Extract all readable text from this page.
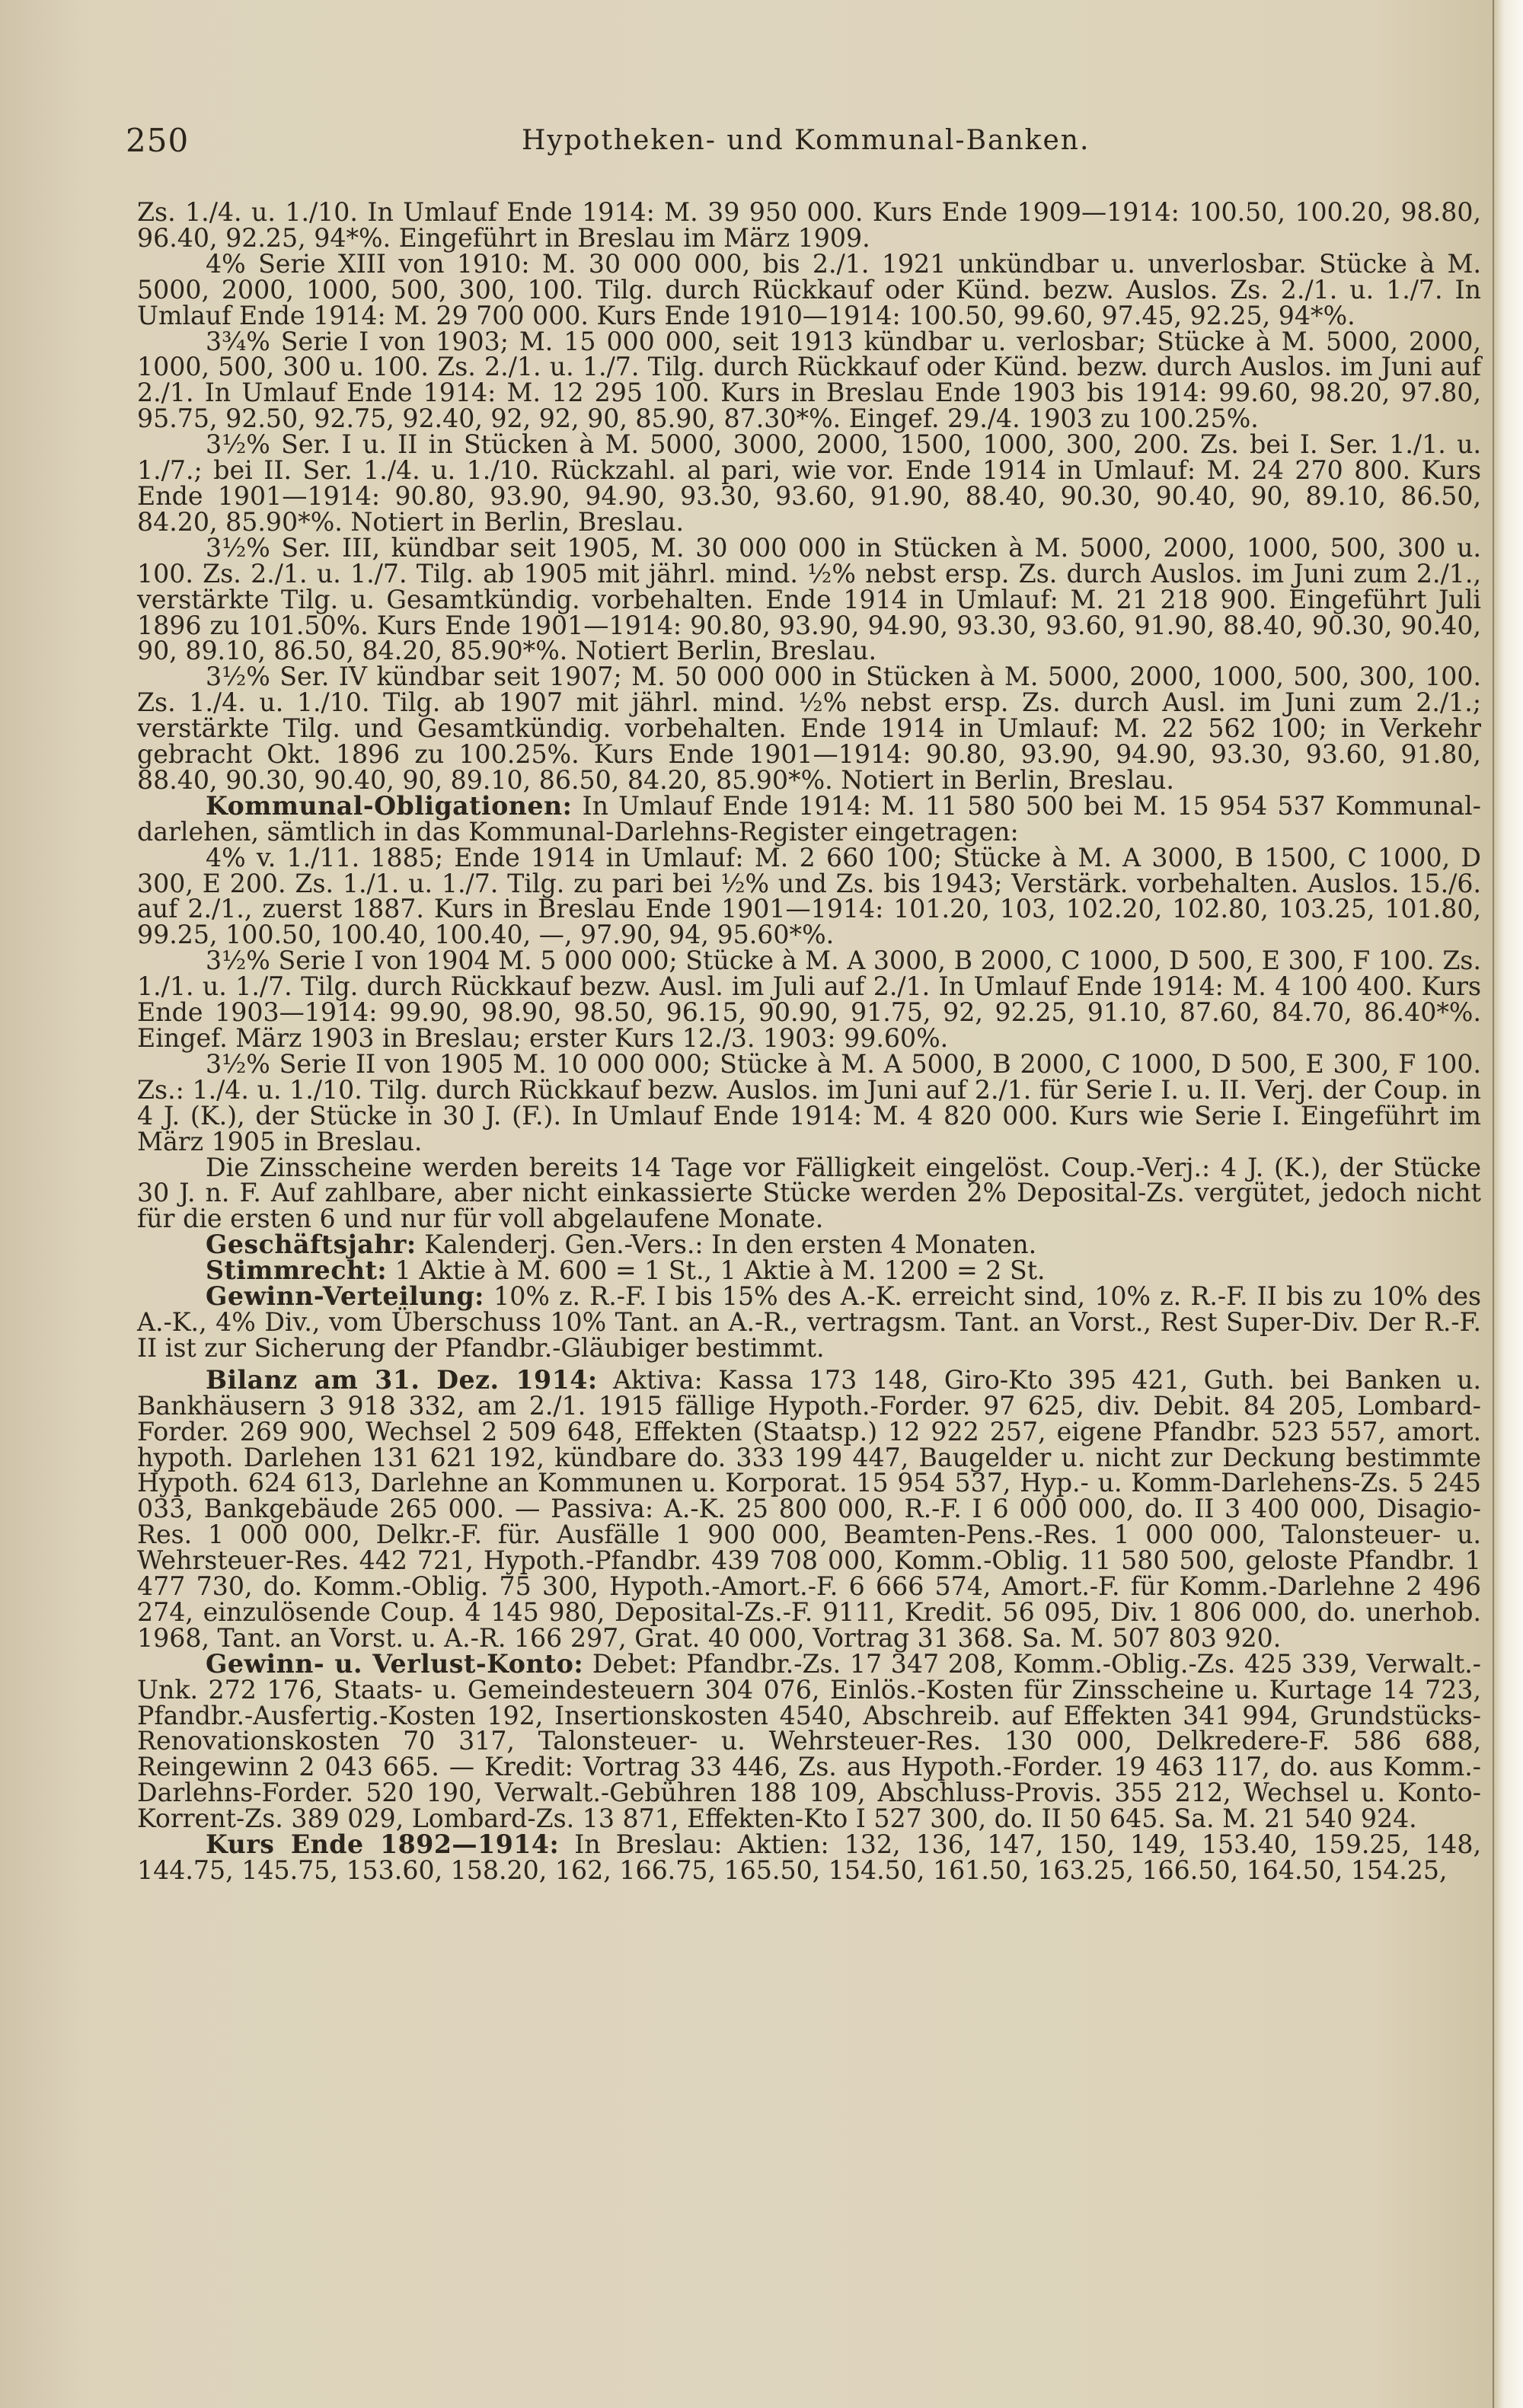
250	Hypotheken- und Kommunal-Banken.

Zs. 1./4. u. 1./10. In Umlauf Ende 1914: M. 39 950 000. Kurs Ende 1909—1914: 100.50, 100.20, 98.80, 96.40, 92.25, 94*%. Eingeführt in Breslau im März 1909.

4% Serie XIII von 1910: M. 30 000 000, bis 2./1. 1921 unkündbar u. unverlosbar. Stücke à M. 5000, 2000, 1000, 500, 300, 100. Tilg. durch Rückkauf oder Künd. bezw. Auslos. Zs. 2./1. u. 1./7. In Umlauf Ende 1914: M. 29 700 000. Kurs Ende 1910—1914: 100.50, 99.60, 97.45, 92.25, 94*%.

3¾% Serie I von 1903; M. 15 000 000, seit 1913 kündbar u. verlosbar; Stücke à M. 5000, 2000, 1000, 500, 300 u. 100. Zs. 2./1. u. 1./7. Tilg. durch Rückkauf oder Künd. bezw. durch Auslos. im Juni auf 2./1. In Umlauf Ende 1914: M. 12 295 100. Kurs in Breslau Ende 1903 bis 1914: 99.60, 98.20, 97.80, 95.75, 92.50, 92.75, 92.40, 92, 92, 90, 85.90, 87.30*%. Eingef. 29./4. 1903 zu 100.25%.

3½% Ser. I u. II in Stücken à M. 5000, 3000, 2000, 1500, 1000, 300, 200. Zs. bei I. Ser. 1./1. u. 1./7.; bei II. Ser. 1./4. u. 1./10. Rückzahl. al pari, wie vor. Ende 1914 in Umlauf: M. 24 270 800. Kurs Ende 1901—1914: 90.80, 93.90, 94.90, 93.30, 93.60, 91.90, 88.40, 90.30, 90.40, 90, 89.10, 86.50, 84.20, 85.90*%. Notiert in Berlin, Breslau.

3½% Ser. III, kündbar seit 1905, M. 30 000 000 in Stücken à M. 5000, 2000, 1000, 500, 300 u. 100. Zs. 2./1. u. 1./7. Tilg. ab 1905 mit jährl. mind. ½% nebst ersp. Zs. durch Auslos. im Juni zum 2./1., verstärkte Tilg. u. Gesamtkündig. vorbehalten. Ende 1914 in Umlauf: M. 21 218 900. Eingeführt Juli 1896 zu 101.50%. Kurs Ende 1901—1914: 90.80, 93.90, 94.90, 93.30, 93.60, 91.90, 88.40, 90.30, 90.40, 90, 89.10, 86.50, 84.20, 85.90*%. Notiert Berlin, Breslau.

3½% Ser. IV kündbar seit 1907; M. 50 000 000 in Stücken à M. 5000, 2000, 1000, 500, 300, 100. Zs. 1./4. u. 1./10. Tilg. ab 1907 mit jährl. mind. ½% nebst ersp. Zs. durch Ausl. im Juni zum 2./1.; verstärkte Tilg. und Gesamtkündig. vorbehalten. Ende 1914 in Umlauf: M. 22 562 100; in Verkehr gebracht Okt. 1896 zu 100.25%. Kurs Ende 1901—1914: 90.80, 93.90, 94.90, 93.30, 93.60, 91.80, 88.40, 90.30, 90.40, 90, 89.10, 86.50, 84.20, 85.90*%. Notiert in Berlin, Breslau.

Kommunal-Obligationen: In Umlauf Ende 1914: M. 11 580 500 bei M. 15 954 537 Kommunal-darlehen, sämtlich in das Kommunal-Darlehns-Register eingetragen:

4% v. 1./11. 1885; Ende 1914 in Umlauf: M. 2 660 100; Stücke à M. A 3000, B 1500, C 1000, D 300, E 200. Zs. 1./1. u. 1./7. Tilg. zu pari bei ½% und Zs. bis 1943; Verstärk. vorbehalten. Auslos. 15./6. auf 2./1., zuerst 1887. Kurs in Breslau Ende 1901—1914: 101.20, 103, 102.20, 102.80, 103.25, 101.80, 99.25, 100.50, 100.40, 100.40, —, 97.90, 94, 95.60*%.

3½% Serie I von 1904 M. 5 000 000; Stücke à M. A 3000, B 2000, C 1000, D 500, E 300, F 100. Zs. 1./1. u. 1./7. Tilg. durch Rückkauf bezw. Ausl. im Juli auf 2./1. In Umlauf Ende 1914: M. 4 100 400. Kurs Ende 1903—1914: 99.90, 98.90, 98.50, 96.15, 90.90, 91.75, 92, 92.25, 91.10, 87.60, 84.70, 86.40*%. Eingef. März 1903 in Breslau; erster Kurs 12./3. 1903: 99.60%.

3½% Serie II von 1905 M. 10 000 000; Stücke à M. A 5000, B 2000, C 1000, D 500, E 300, F 100. Zs.: 1./4. u. 1./10. Tilg. durch Rückkauf bezw. Auslos. im Juni auf 2./1. für Serie I. u. II. Verj. der Coup. in 4 J. (K.), der Stücke in 30 J. (F.). In Umlauf Ende 1914: M. 4 820 000. Kurs wie Serie I. Eingeführt im März 1905 in Breslau.

Die Zinsscheine werden bereits 14 Tage vor Fälligkeit eingelöst. Coup.-Verj.: 4 J. (K.), der Stücke 30 J. n. F. Auf zahlbare, aber nicht einkassierte Stücke werden 2% Deposital-Zs. vergütet, jedoch nicht für die ersten 6 und nur für voll abgelaufene Monate.

Geschäftsjahr: Kalenderj. Gen.-Vers.: In den ersten 4 Monaten.

Stimmrecht: 1 Aktie à M. 600 = 1 St., 1 Aktie à M. 1200 = 2 St.

Gewinn-Verteilung: 10% z. R.-F. I bis 15% des A.-K. erreicht sind, 10% z. R.-F. II bis zu 10% des A.-K., 4% Div., vom Überschuss 10% Tant. an A.-R., vertragsm. Tant. an Vorst., Rest Super-Div. Der R.-F. II ist zur Sicherung der Pfandbr.-Gläubiger bestimmt.

Bilanz am 31. Dez. 1914: Aktiva: Kassa 173 148, Giro-Kto 395 421, Guth. bei Banken u. Bankhäusern 3 918 332, am 2./1. 1915 fällige Hypoth.-Forder. 97 625, div. Debit. 84 205, Lombard-Forder. 269 900, Wechsel 2 509 648, Effekten (Staatsp.) 12 922 257, eigene Pfandbr. 523 557, amort. hypoth. Darlehen 131 621 192, kündbare do. 333 199 447, Baugelder u. nicht zur Deckung bestimmte Hypoth. 624 613, Darlehne an Kommunen u. Korporat. 15 954 537, Hyp.- u. Komm-Darlehens-Zs. 5 245 033, Bankgebäude 265 000. — Passiva: A.-K. 25 800 000, R.-F. I 6 000 000, do. II 3 400 000, Disagio-Res. 1 000 000, Delkr.-F. für. Ausfälle 1 900 000, Beamten-Pens.-Res. 1 000 000, Talonsteuer- u. Wehrsteuer-Res. 442 721, Hypoth.-Pfandbr. 439 708 000, Komm.-Oblig. 11 580 500, geloste Pfandbr. 1 477 730, do. Komm.-Oblig. 75 300, Hypoth.-Amort.-F. 6 666 574, Amort.-F. für Komm.-Darlehne 2 496 274, einzulösende Coup. 4 145 980, Deposital-Zs.-F. 9111, Kredit. 56 095, Div. 1 806 000, do. unerhob. 1968, Tant. an Vorst. u. A.-R. 166 297, Grat. 40 000, Vortrag 31 368. Sa. M. 507 803 920.

Gewinn- u. Verlust-Konto: Debet: Pfandbr.-Zs. 17 347 208, Komm.-Oblig.-Zs. 425 339, Verwalt.-Unk. 272 176, Staats- u. Gemeindesteuern 304 076, Einlös.-Kosten für Zinsscheine u. Kurtage 14 723, Pfandbr.-Ausfertig.-Kosten 192, Insertionskosten 4540, Abschreib. auf Effekten 341 994, Grundstücks-Renovationskosten 70 317, Talonsteuer- u. Wehrsteuer-Res. 130 000, Delkredere-F. 586 688, Reingewinn 2 043 665. — Kredit: Vortrag 33 446, Zs. aus Hypoth.-Forder. 19 463 117, do. aus Komm.-Darlehns-Forder. 520 190, Verwalt.-Gebühren 188 109, Abschluss-Provis. 355 212, Wechsel u. Konto-Korrent-Zs. 389 029, Lombard-Zs. 13 871, Effekten-Kto I 527 300, do. II 50 645. Sa. M. 21 540 924.

Kurs Ende 1892—1914: In Breslau: Aktien: 132, 136, 147, 150, 149, 153.40, 159.25, 148, 144.75, 145.75, 153.60, 158.20, 162, 166.75, 165.50, 154.50, 161.50, 163.25, 166.50, 164.50, 154.25,
